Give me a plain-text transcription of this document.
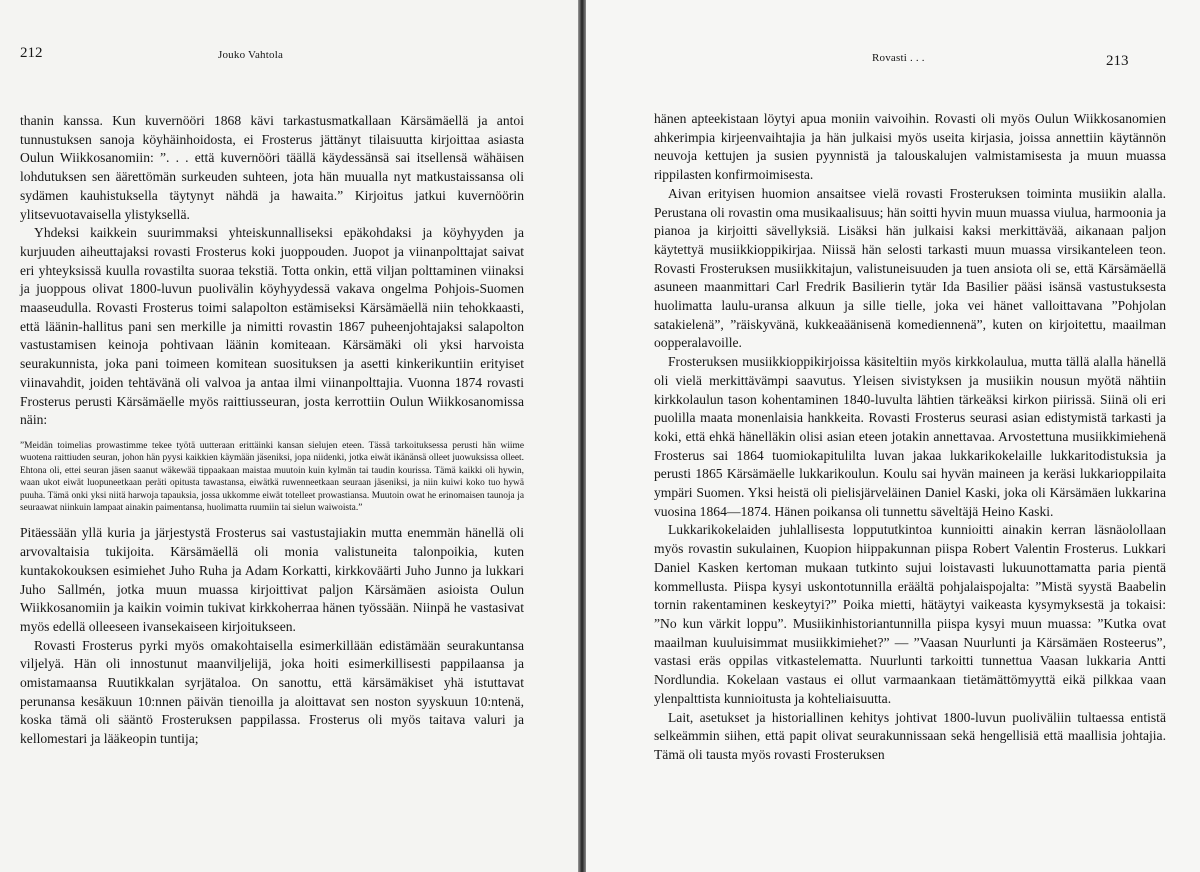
212	Jouko Vahtola

thanin kanssa. Kun kuvernööri 1868 kävi tarkastusmatkallaan Kärsämäellä ja antoi tunnustuksen sanoja köyhäinhoidosta, ei Frosterus jättänyt tilaisuutta kirjoittaa asiasta Oulun Wiikkosanomiin: ”. . . että kuvernööri täällä käydessänsä sai itsellensä wähäisen lohdutuksen sen äärettömän surkeuden suhteen, jota hän muualla nyt matkustaissansa oli sydämen kauhistuksella täytynyt nähdä ja hawaita.” Kirjoitus jatkui kuvernöörin ylitsevuotavaisella ylistyksellä.

Yhdeksi kaikkein suurimmaksi yhteiskunnalliseksi epäkohdaksi ja köyhyyden ja kurjuuden aiheuttajaksi rovasti Frosterus koki juoppouden. Juopot ja viinanpolttajat saivat eri yhteyksissä kuulla rovastilta suoraa tekstiä. Totta onkin, että viljan polttaminen viinaksi ja juoppous olivat 1800-luvun puolivälin köyhyydessä vakava ongelma Pohjois-Suomen maaseudulla. Rovasti Frosterus toimi salapolton estämiseksi Kärsämäellä niin tehokkaasti, että läänin-hallitus pani sen merkille ja nimitti rovastin 1867 puheenjohtajaksi salapolton vastustamisen keinoja pohtivaan läänin komiteaan. Kärsämäki oli yksi harvoista seurakunnista, joka pani toimeen komitean suosituksen ja asetti kinkerikuntiin erityiset viinavahdit, joiden tehtävänä oli valvoa ja antaa ilmi viinanpolttajia. Vuonna 1874 rovasti Frosterus perusti Kärsämäelle myös raittiusseuran, josta kerrottiin Oulun Wiikkosanomissa näin:

”Meidän toimelias prowastimme tekee työtä uutteraan erittäinki kansan sielujen eteen. Tässä tarkoituksessa perusti hän wiime wuotena raittiuden seuran, johon hän pyysi kaikkien käymään jäseniksi, jopa niidenki, jotka eiwät ikänänsä olleet juowuksissa olleet. Ehtona oli, ettei seuran jäsen saanut wäkewää tippaakaan maistaa muutoin kuin kylmän tai taudin kourissa. Tämä kaikki oli hywin, waan ukot eiwät luopuneetkaan peräti opitusta tawastansa, eiwätkä ruwenneetkaan seuraan jäseniksi, ja niin kuiwi koko tuo hywä puuha. Tämä onki yksi niitä harwoja tapauksia, jossa ukkomme eiwät totelleet prowastiansa. Muutoin owat he erinomaisen taunoja ja seuraawat niinkuin lampaat ainakin paimentansa, huolimatta ruumiin tai sielun waiwoista.”

Pitäessään yllä kuria ja järjestystä Frosterus sai vastustajiakin mutta enemmän hänellä oli arvovaltaisia tukijoita. Kärsämäellä oli monia valistuneita talonpoikia, kuten kuntakokouksen esimiehet Juho Ruha ja Adam Korkatti, kirkkoväärti Juho Junno ja lukkari Juho Sallmén, jotka muun muassa kirjoittivat paljon Kärsämäen asioista Oulun Wiikkosanomiin ja kaikin voimin tukivat kirkkoherraa hänen työssään. Niinpä he vastasivat myös edellä olleeseen ivansekaiseen kirjoitukseen.

Rovasti Frosterus pyrki myös omakohtaisella esimerkillään edistämään seurakuntansa viljelyä. Hän oli innostunut maanviljelijä, joka hoiti esimerkillisesti pappilaansa ja omistamaansa Ruutikkalan syrjätaloa. On sanottu, että kärsämäkiset yhä istuttavat perunansa kesäkuun 10:nnen päivän tienoilla ja aloittavat sen noston syyskuun 10:ntenä, koska tämä oli sääntö Frosteruksen pappilassa. Frosterus oli myös taitava valuri ja kellomestari ja lääkeopin tuntija;

Rovasti . . .	213

hänen apteekistaan löytyi apua moniin vaivoihin. Rovasti oli myös Oulun Wiikkosanomien ahkerimpia kirjeenvaihtajia ja hän julkaisi myös useita kirjasia, joissa annettiin käytännön neuvoja kettujen ja susien pyynnistä ja talouskalujen valmistamisesta ja muun muassa rippilasten konfirmoimisesta.

Aivan erityisen huomion ansaitsee vielä rovasti Frosteruksen toiminta musiikin alalla. Perustana oli rovastin oma musikaalisuus; hän soitti hyvin muun muassa viulua, harmoonia ja pianoa ja kirjoitti sävellyksiä. Lisäksi hän julkaisi kaksi merkittävää, aikanaan paljon käytettyä musiikkioppikirjaa. Niissä hän selosti tarkasti muun muassa virsikanteleen teon. Rovasti Frosteruksen musiikkitajun, valistuneisuuden ja tuen ansiota oli se, että Kärsämäellä asuneen maanmittari Carl Fredrik Basilierin tytär Ida Basilier pääsi isänsä vastustuksesta huolimatta laulu-uransa alkuun ja sille tielle, joka vei hänet valloittavana ”Pohjolan satakielenä”, ”räiskyvänä, kukkeaäänisenä komediennenä”, kuten on kirjoitettu, maailman oopperalavoille.

Frosteruksen musiikkioppikirjoissa käsiteltiin myös kirkkolaulua, mutta tällä alalla hänellä oli vielä merkittävämpi saavutus. Yleisen sivistyksen ja musiikin nousun myötä nähtiin kirkkolaulun tason kohentaminen 1840-luvulta lähtien tärkeäksi kirkon piirissä. Siinä oli eri puolilla maata monenlaisia hankkeita. Rovasti Frosterus seurasi asian edistymistä tarkasti ja koki, että ehkä hänelläkin olisi asian eteen jotakin annettavaa. Arvostettuna musiikkimiehenä Frosterus sai 1864 tuomiokapitulilta luvan jakaa lukkarikokelaille lukkaritodistuksia ja perusti 1865 Kärsämäelle lukkarikoulun. Koulu sai hyvän maineen ja keräsi lukkarioppilaita ympäri Suomen. Yksi heistä oli pielisjärveläinen Daniel Kaski, joka oli Kärsämäen lukkarina vuosina 1864—1874. Hänen poikansa oli tunnettu säveltäjä Heino Kaski.

Lukkarikokelaiden juhlallisesta loppututkintoa kunnioitti ainakin kerran läsnäolollaan myös rovastin sukulainen, Kuopion hiippakunnan piispa Robert Valentin Frosterus. Lukkari Daniel Kasken kertoman mukaan tutkinto sujui loistavasti lukuunottamatta paria pientä kommellusta. Piispa kysyi uskontotunnilla eräältä pohjalaispojalta: ”Mistä syystä Baabelin tornin rakentaminen keskeytyi?” Poika mietti, hätäytyi vaikeasta kysymyksestä ja tokaisi: ”No kun värkit loppu”. Musiikinhistoriantunnilla piispa kysyi muun muassa: ”Kutka ovat maailman kuuluisimmat musiikkimiehet?” — ”Vaasan Nuurlunti ja Kärsämäen Rosteerus”, vastasi eräs oppilas vitkastelematta. Nuurlunti tarkoitti tunnettua Vaasan lukkaria Antti Nordlundia. Kokelaan vastaus ei ollut varmaankaan tietämättömyyttä eikä pilkkaa vaan ylenpalttista kunnioitusta ja kohteliaisuutta.

Lait, asetukset ja historiallinen kehitys johtivat 1800-luvun puoliväliin tultaessa entistä selkeämmin siihen, että papit olivat seurakunnissaan sekä hengellisiä että maallisia johtajia. Tämä oli tausta myös rovasti Frosteruksen
